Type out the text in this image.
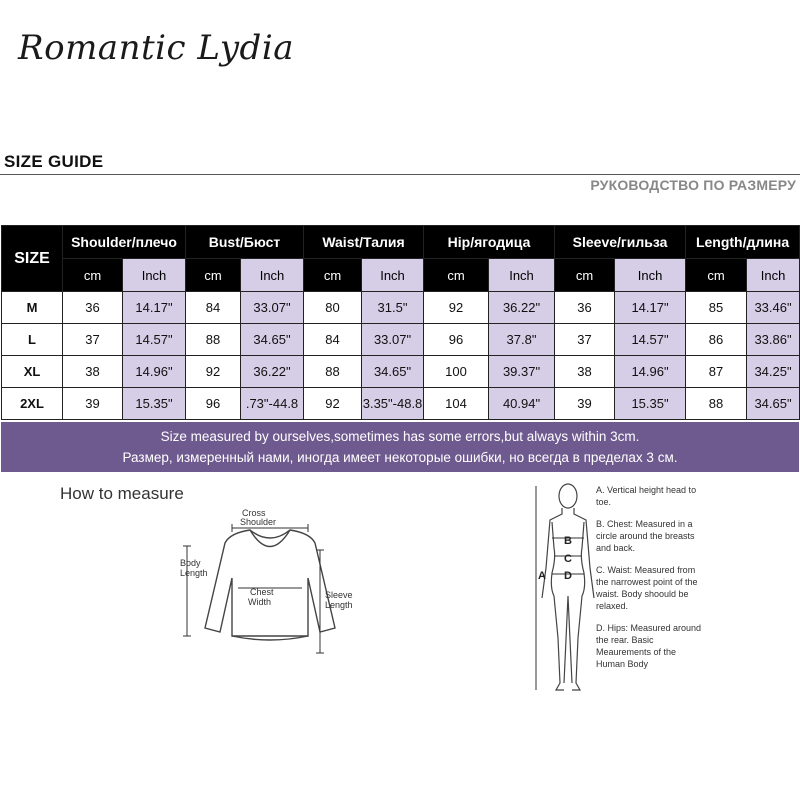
Romantic Lydia
SIZE GUIDE
РУКОВОДСТВО ПО РАЗМЕРУ
SIZE	Shoulder/плечо		Bust/Бюст		Waist/Талия		Hip/ягодица		Sleeve/гильза		Length/длина	
	cm	Inch	cm	Inch	cm	Inch	cm	Inch	cm	Inch	cm	Inch
M	36	14.17"	84	33.07"	80	31.5"	92	36.22"	36	14.17"	85	33.46"
L	37	14.57"	88	34.65"	84	33.07"	96	37.8"	37	14.57"	86	33.86"
XL	38	14.96"	92	36.22"	88	34.65"	100	39.37"	38	14.96"	87	34.25"
2XL	39	15.35"	96	.73"-44.8	92	3.35"-48.8	104	40.94"	39	15.35"	88	34.65"
Size measured by ourselves,sometimes has some errors,but always within 3cm.
Размер, измеренный нами, иногда имеет некоторые ошибки, но всегда в пределах 3 см.
How to measure
Cross
Shoulder
Body
Length
Chest
Width
Sleeve
Length
A
B
C
D

A. Vertical height head to toe.

B. Chest: Measured in a circle around the breasts and back.

C. Waist: Measured from the narrowest point of the waist. Body shoould be relaxed.

D. Hips: Measured around the rear. Basic Meaurements of the Human Body
